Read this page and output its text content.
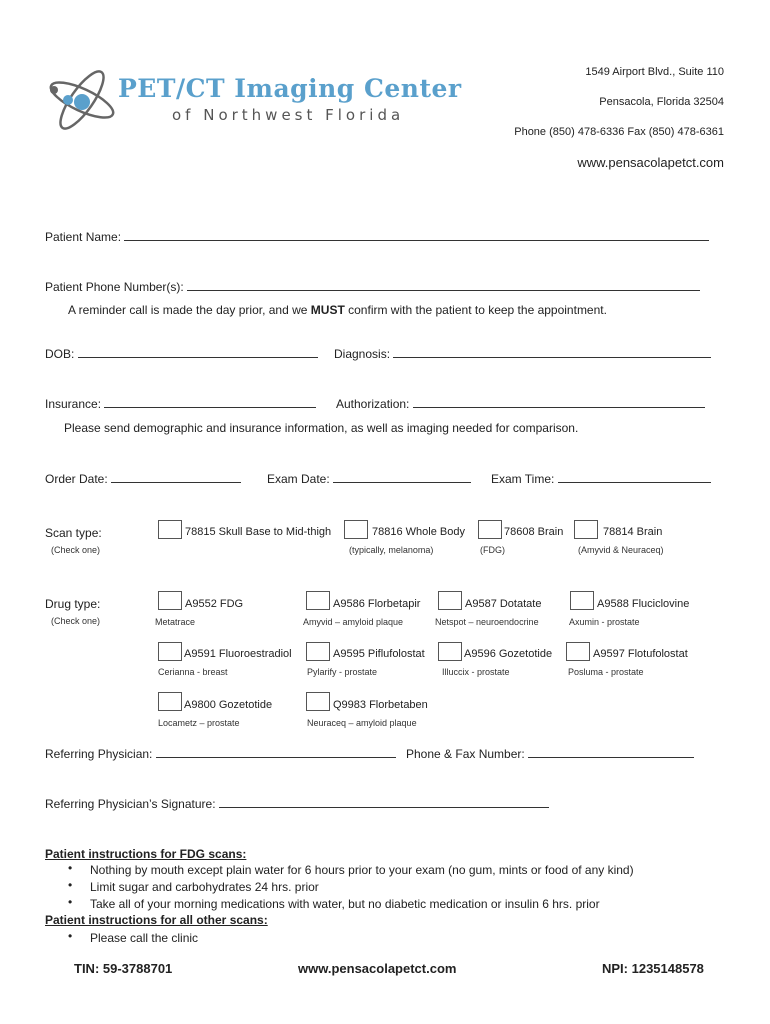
PET/CT Imaging Center
of Northwest Florida
1549 Airport Blvd., Suite 110
Pensacola, Florida 32504
Phone (850) 478-6336 Fax (850) 478-6361
www.pensacolapetct.com
Patient Name:
Patient Phone Number(s):
A reminder call is made the day prior, and we MUST confirm with the patient to keep the appointment.
DOB:	Diagnosis:
Insurance:	Authorization:
Please send demographic and insurance information, as well as imaging needed for comparison.
Order Date:	Exam Date:	Exam Time:
Scan type:
(Check one)
78815 Skull Base to Mid-thigh	78816 Whole Body
(typically, melanoma)
78608 Brain
(FDG)
78814 Brain
(Amyvid & Neuraceq)
Drug type:
(Check one)
A9552 FDG
Metatrace
A9586 Florbetapir
Amyvid – amyloid plaque
A9587 Dotatate
Netspot – neuroendocrine
A9588 Fluciclovine
Axumin - prostate
A9591 Fluoroestradiol
Cerianna - breast
A9595 Piflufolostat
Pylarify - prostate
A9596 Gozetotide
Illuccix - prostate
A9597 Flotufolostat
Posluma - prostate
A9800 Gozetotide
Locametz – prostate
Q9983 Florbetaben
Neuraceq – amyloid plaque
Referring Physician:	Phone & Fax Number:
Referring Physician’s Signature:
Patient instructions for FDG scans:
• Nothing by mouth except plain water for 6 hours prior to your exam (no gum, mints or food of any kind)
• Limit sugar and carbohydrates 24 hrs. prior
• Take all of your morning medications with water, but no diabetic medication or insulin 6 hrs. prior
Patient instructions for all other scans:
• Please call the clinic
TIN: 59-3788701	www.pensacolapetct.com	NPI: 1235148578
